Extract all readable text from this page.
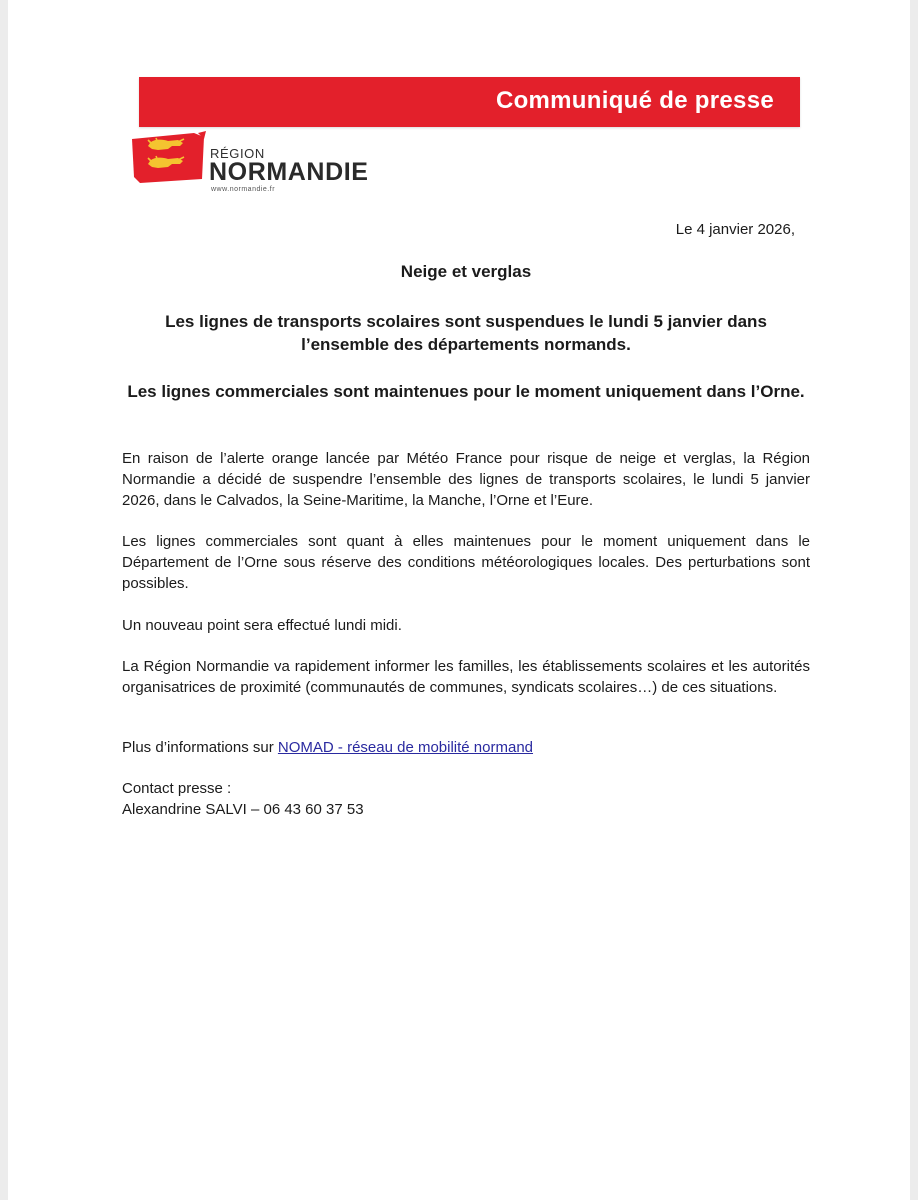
Communiqué de presse
RÉGION
NORMANDIE
www.normandie.fr
Le 4 janvier 2026,
Neige et verglas
Les lignes de transports scolaires sont suspendues le lundi 5 janvier dans l’ensemble des départements normands.
Les lignes commerciales sont maintenues pour le moment uniquement dans l’Orne.
En raison de l’alerte orange lancée par Météo France pour risque de neige et verglas, la Région Normandie a décidé de suspendre l’ensemble des lignes de transports scolaires, le lundi 5 janvier 2026, dans le Calvados, la Seine-Maritime, la Manche, l’Orne et l’Eure.
Les lignes commerciales sont quant à elles maintenues pour le moment uniquement dans le Département de l’Orne sous réserve des conditions météorologiques locales. Des perturbations sont possibles.
Un nouveau point sera effectué lundi midi.
La Région Normandie va rapidement informer les familles, les établissements scolaires et les autorités organisatrices de proximité (communautés de communes, syndicats scolaires…) de ces situations.
Plus d’informations sur NOMAD - réseau de mobilité normand
Contact presse :
Alexandrine SALVI – 06 43 60 37 53
